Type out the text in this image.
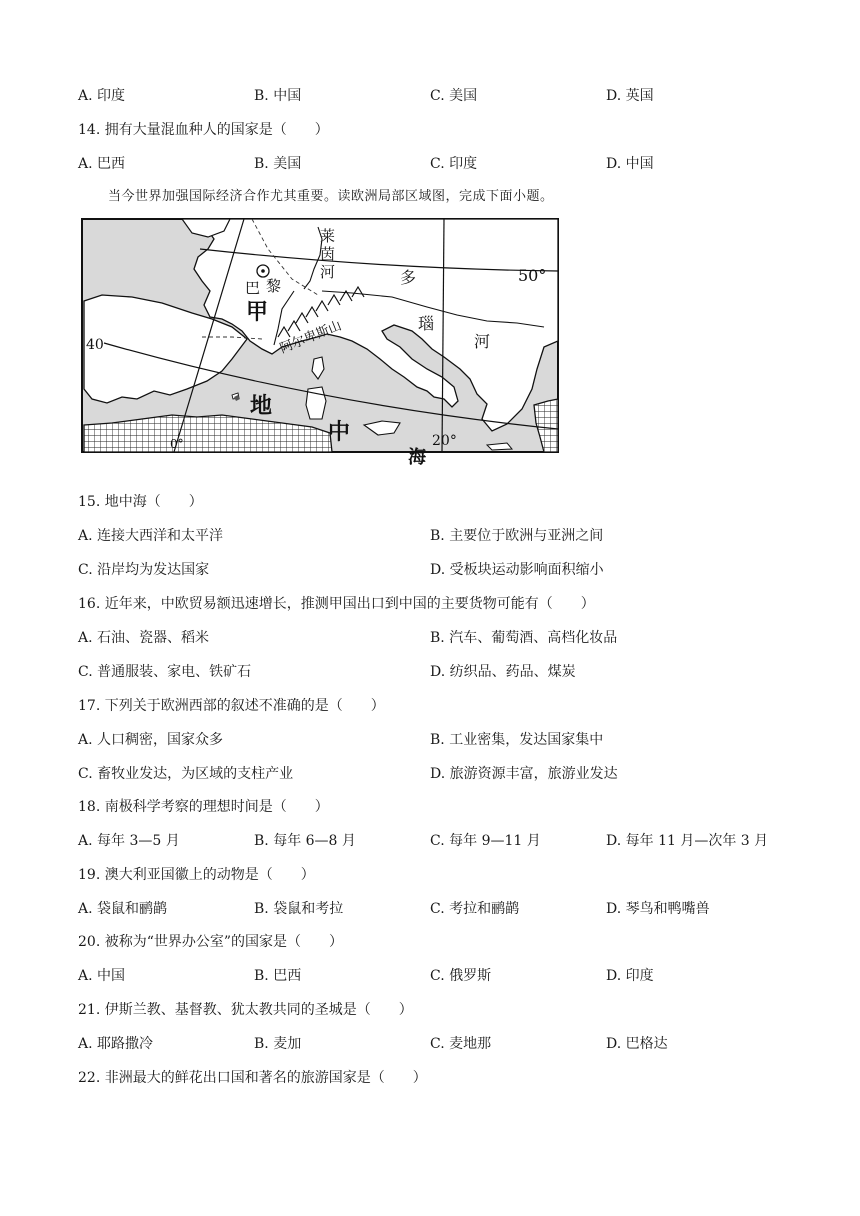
A. 印度	B. 中国	C. 美国	D. 英国
14. 拥有大量混血种人的国家是（　　）
A. 巴西	B. 美国	C. 印度	D. 中国
当今世界加强国际经济合作尤其重要。读欧洲局部区域图，完成下面小题。
莱
茵
河
巴 黎
甲
多
瑙
河
阿尔卑斯山
地
中
海
50°
40
0°	20°
15. 地中海（　　）
A. 连接大西洋和太平洋	B. 主要位于欧洲与亚洲之间
C. 沿岸均为发达国家	D. 受板块运动影响面积缩小
16. 近年来，中欧贸易额迅速增长，推测甲国出口到中国的主要货物可能有（　　）
A. 石油、瓷器、稻米	B. 汽车、葡萄酒、高档化妆品
C. 普通服装、家电、铁矿石	D. 纺织品、药品、煤炭
17. 下列关于欧洲西部的叙述不准确的是（　　）
A. 人口稠密，国家众多	B. 工业密集，发达国家集中
C. 畜牧业发达，为区域的支柱产业	D. 旅游资源丰富，旅游业发达
18. 南极科学考察的理想时间是（　　）
A. 每年 3—5 月	B. 每年 6—8 月	C. 每年 9—11 月	D. 每年 11 月—次年 3 月
19. 澳大利亚国徽上的动物是（　　）
A. 袋鼠和鹂鹋	B. 袋鼠和考拉	C. 考拉和鹂鹋	D. 琴鸟和鸭嘴兽
20. 被称为“世界办公室”的国家是（　　）
A. 中国	B. 巴西	C. 俄罗斯	D. 印度
21. 伊斯兰教、基督教、犹太教共同的圣城是（　　）
A. 耶路撒冷	B. 麦加	C. 麦地那	D. 巴格达
22. 非洲最大的鲜花出口国和著名的旅游国家是（　　）
